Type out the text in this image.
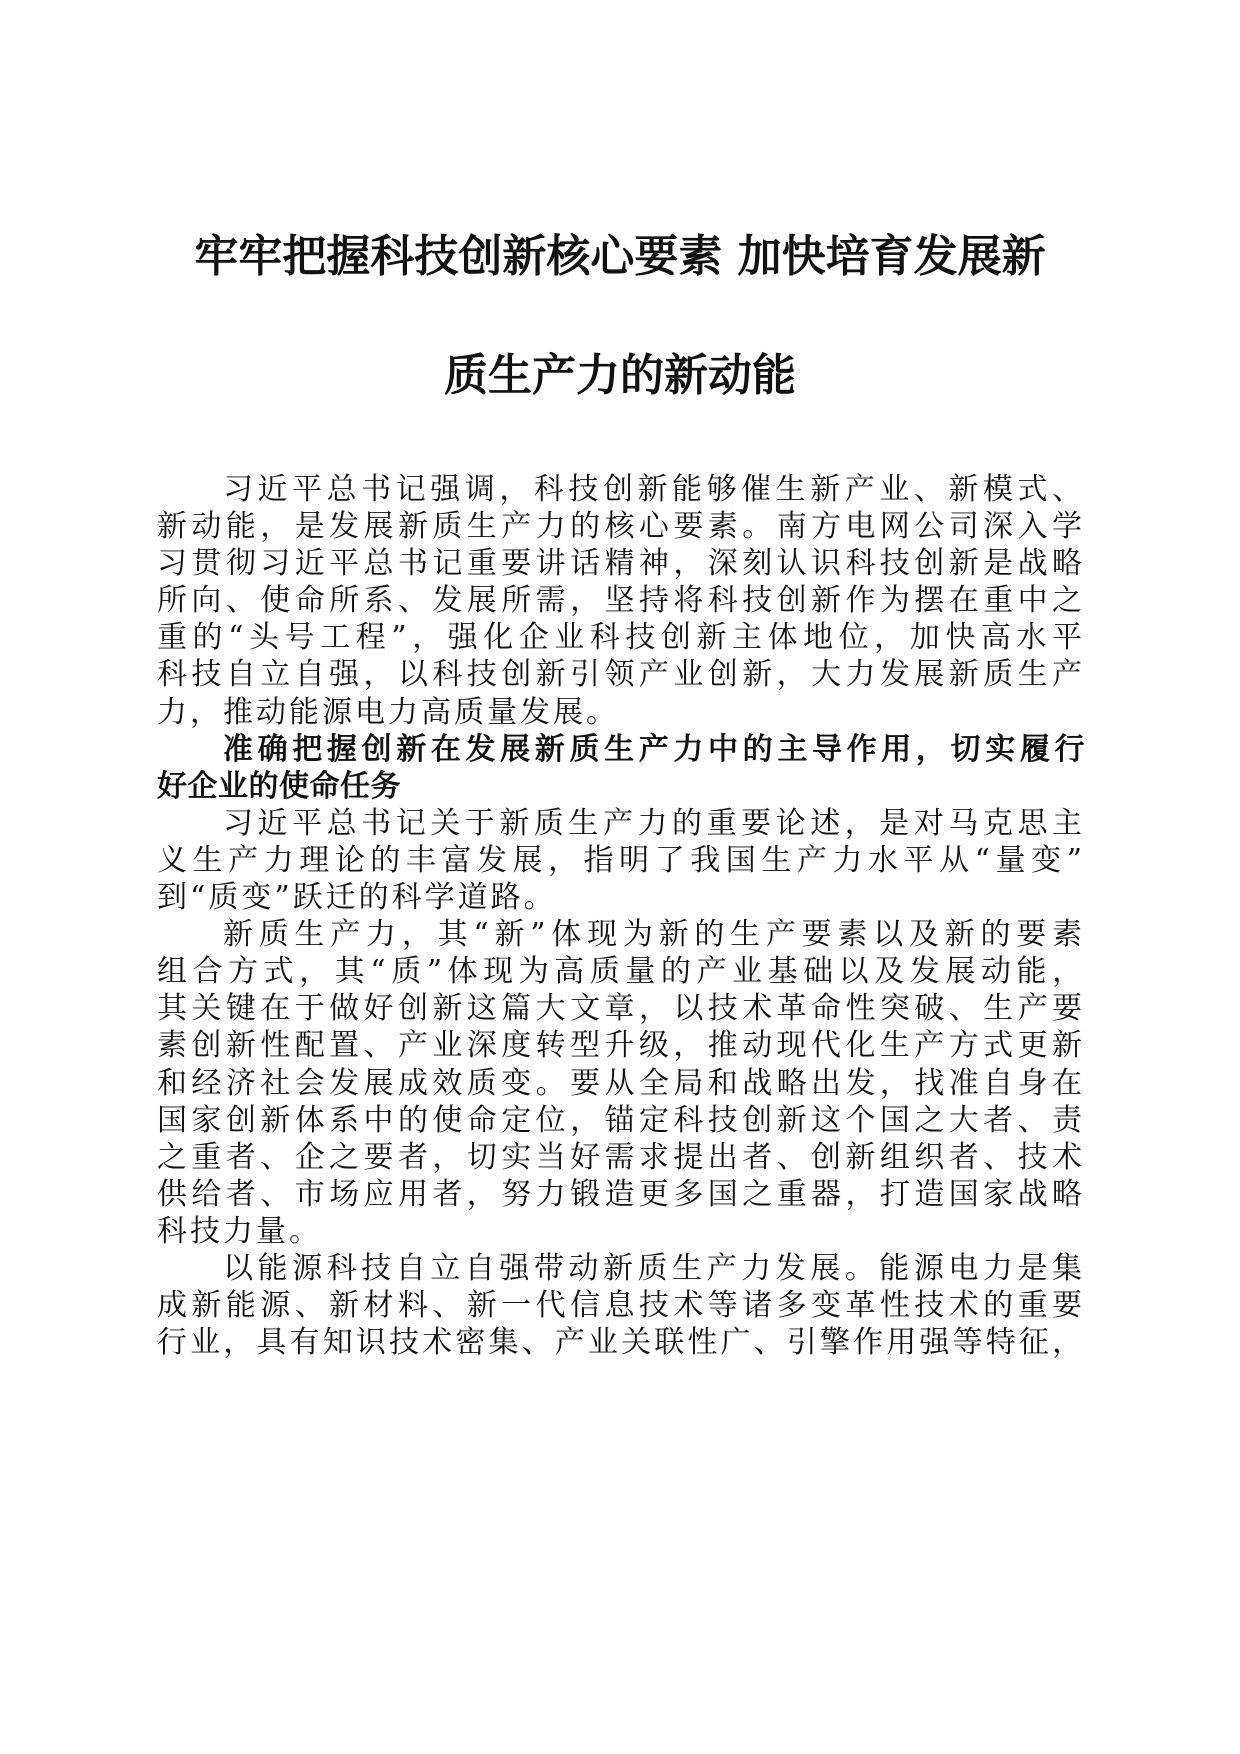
牢牢把握科技创新核心要素 加快培育发展新
质生产力的新动能
习近平总书记强调，科技创新能够催生新产业、新模式、
新动能，是发展新质生产力的核心要素。南方电网公司深入学
习贯彻习近平总书记重要讲话精神，深刻认识科技创新是战略
所向、使命所系、发展所需，坚持将科技创新作为摆在重中之
重的“头号工程”，强化企业科技创新主体地位，加快高水平
科技自立自强，以科技创新引领产业创新，大力发展新质生产
力，推动能源电力高质量发展。
准确把握创新在发展新质生产力中的主导作用，切实履行
好企业的使命任务
习近平总书记关于新质生产力的重要论述，是对马克思主
义生产力理论的丰富发展，指明了我国生产力水平从“量变”
到“质变”跃迁的科学道路。
新质生产力，其“新”体现为新的生产要素以及新的要素
组合方式，其“质”体现为高质量的产业基础以及发展动能，
其关键在于做好创新这篇大文章，以技术革命性突破、生产要
素创新性配置、产业深度转型升级，推动现代化生产方式更新
和经济社会发展成效质变。要从全局和战略出发，找准自身在
国家创新体系中的使命定位，锚定科技创新这个国之大者、责
之重者、企之要者，切实当好需求提出者、创新组织者、技术
供给者、市场应用者，努力锻造更多国之重器，打造国家战略
科技力量。
以能源科技自立自强带动新质生产力发展。能源电力是集
成新能源、新材料、新一代信息技术等诸多变革性技术的重要
行业，具有知识技术密集、产业关联性广、引擎作用强等特征，
